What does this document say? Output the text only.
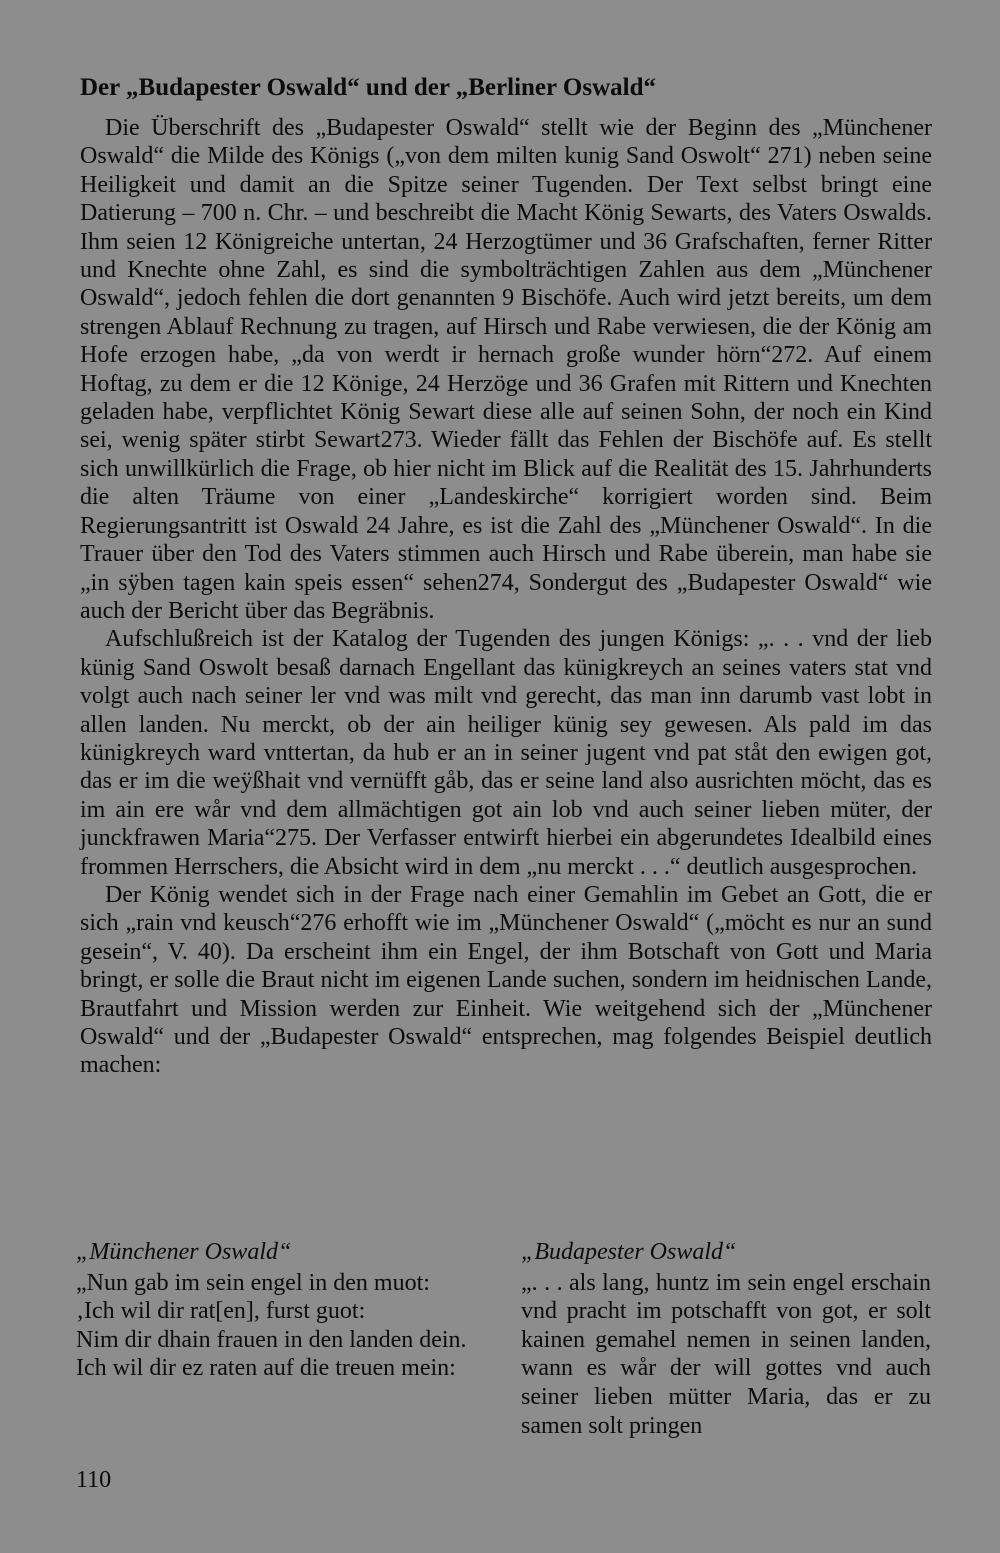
Der „Budapester Oswald“ und der „Berliner Oswald“

Die Überschrift des „Budapester Oswald“ stellt wie der Beginn des „Münchener Oswald“ die Milde des Königs („von dem milten kunig Sand Oswolt“ 271) neben seine Heiligkeit und damit an die Spitze seiner Tugenden. Der Text selbst bringt eine Datierung – 700 n. Chr. – und beschreibt die Macht König Sewarts, des Vaters Oswalds. Ihm seien 12 Königreiche untertan, 24 Herzogtümer und 36 Grafschaften, ferner Ritter und Knechte ohne Zahl, es sind die symbolträchtigen Zahlen aus dem „Münchener Oswald“, jedoch fehlen die dort genannten 9 Bischöfe. Auch wird jetzt bereits, um dem strengen Ablauf Rechnung zu tragen, auf Hirsch und Rabe verwiesen, die der König am Hofe erzogen habe, „da von werdt ir hernach große wunder hörn“272. Auf einem Hoftag, zu dem er die 12 Könige, 24 Herzöge und 36 Grafen mit Rittern und Knechten geladen habe, verpflichtet König Sewart diese alle auf seinen Sohn, der noch ein Kind sei, wenig später stirbt Sewart273. Wieder fällt das Fehlen der Bischöfe auf. Es stellt sich unwillkürlich die Frage, ob hier nicht im Blick auf die Realität des 15. Jahrhunderts die alten Träume von einer „Landeskirche“ korrigiert worden sind. Beim Regierungsantritt ist Oswald 24 Jahre, es ist die Zahl des „Münchener Oswald“. In die Trauer über den Tod des Vaters stimmen auch Hirsch und Rabe überein, man habe sie „in sÿben tagen kain speis essen“ sehen274, Sondergut des „Budapester Oswald“ wie auch der Bericht über das Begräbnis.

Aufschlußreich ist der Katalog der Tugenden des jungen Königs: „. . . vnd der lieb künig Sand Oswolt besaß darnach Engellant das künigkreych an seines vaters stat vnd volgt auch nach seiner ler vnd was milt vnd gerecht, das man inn darumb vast lobt in allen landen. Nu merckt, ob der ain heiliger künig sey gewesen. Als pald im das künigkreych ward vnttertan, da hub er an in seiner jugent vnd pat ståt den ewigen got, das er im die weÿßhait vnd vernüfft gåb, das er seine land also ausrichten möcht, das es im ain ere wår vnd dem allmächtigen got ain lob vnd auch seiner lieben müter, der junckfrawen Maria“275. Der Verfasser entwirft hierbei ein abgerundetes Idealbild eines frommen Herrschers, die Absicht wird in dem „nu merckt . . .“ deutlich ausgesprochen.

Der König wendet sich in der Frage nach einer Gemahlin im Gebet an Gott, die er sich „rain vnd keusch“276 erhofft wie im „Münchener Oswald“ („möcht es nur an sund gesein“, V. 40). Da erscheint ihm ein Engel, der ihm Botschaft von Gott und Maria bringt, er solle die Braut nicht im eigenen Lande suchen, sondern im heidnischen Lande, Brautfahrt und Mission werden zur Einheit. Wie weitgehend sich der „Münchener Oswald“ und der „Budapester Oswald“ entsprechen, mag folgendes Beispiel deutlich machen:

„Münchener Oswald“

„Nun gab im sein engel in den muot:

‚Ich wil dir rat[en], furst guot:

Nim dir dhain frauen in den landen dein.

Ich wil dir ez raten auf die treuen mein:

„Budapester Oswald“

„. . . als lang, huntz im sein engel erschain vnd pracht im potschafft von got, er solt kainen gemahel nemen in seinen landen, wann es wår der will gottes vnd auch seiner lieben mütter Maria, das er zu samen solt pringen

110
